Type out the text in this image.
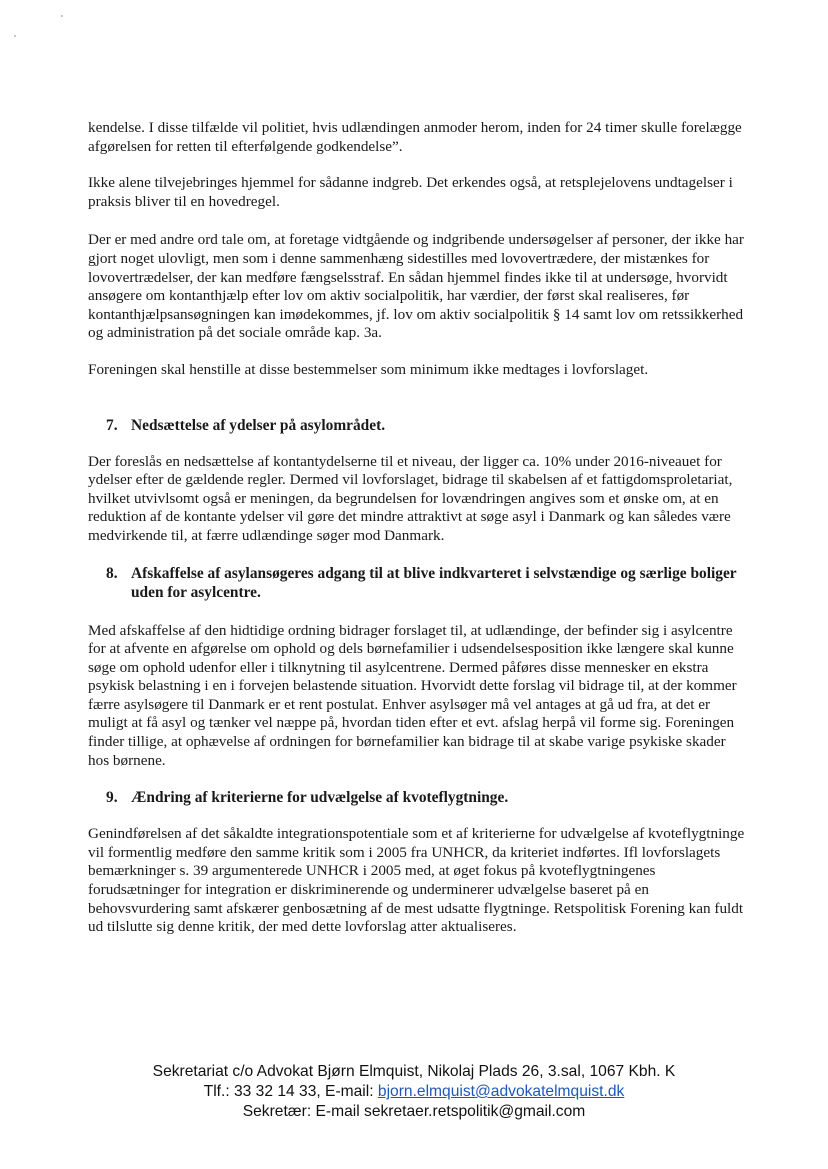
kendelse. I disse tilfælde vil politiet, hvis udlændingen anmoder herom, inden for 24 timer skulle forelægge afgørelsen for retten til efterfølgende godkendelse”.

Ikke alene tilvejebringes hjemmel for sådanne indgreb. Det erkendes også, at retsplejelovens undtagelser i praksis bliver til en hovedregel.

Der er med andre ord tale om, at foretage vidtgående og indgribende undersøgelser af personer, der ikke har gjort noget ulovligt, men som i denne sammenhæng sidestilles med lovovertrædere, der mistænkes for lovovertrædelser, der kan medføre fængselsstraf. En sådan hjemmel findes ikke til at undersøge, hvorvidt ansøgere om kontanthjælp efter lov om aktiv socialpolitik, har værdier, der først skal realiseres, før kontanthjælpsansøgningen kan imødekommes, jf. lov om aktiv socialpolitik § 14 samt lov om retssikkerhed og administration på det sociale område kap. 3a.

Foreningen skal henstille at disse bestemmelser som minimum ikke medtages i lovforslaget.

7. Nedsættelse af ydelser på asylområdet.

Der foreslås en nedsættelse af kontantydelserne til et niveau, der ligger ca. 10% under 2016-niveauet for ydelser efter de gældende regler. Dermed vil lovforslaget, bidrage til skabelsen af et fattigdomsproletariat, hvilket utvivlsomt også er meningen, da begrundelsen for lovændringen angives som et ønske om, at en reduktion af de kontante ydelser vil gøre det mindre attraktivt at søge asyl i Danmark og kan således være medvirkende til, at færre udlændinge søger mod Danmark.

8. Afskaffelse af asylansøgeres adgang til at blive indkvarteret i selvstændige og særlige boliger uden for asylcentre.

Med afskaffelse af den hidtidige ordning bidrager forslaget til, at udlændinge, der befinder sig i asylcentre for at afvente en afgørelse om ophold og dels børnefamilier i udsendelsesposition ikke længere skal kunne søge om ophold udenfor eller i tilknytning til asylcentrene. Dermed påføres disse mennesker en ekstra psykisk belastning i en i forvejen belastende situation. Hvorvidt dette forslag vil bidrage til, at der kommer færre asylsøgere til Danmark er et rent postulat. Enhver asylsøger må vel antages at gå ud fra, at det er muligt at få asyl og tænker vel næppe på, hvordan tiden efter et evt. afslag herpå vil forme sig. Foreningen finder tillige, at ophævelse af ordningen for børnefamilier kan bidrage til at skabe varige psykiske skader hos børnene.

9. Ændring af kriterierne for udvælgelse af kvoteflygtninge.

Genindførelsen af det såkaldte integrationspotentiale som et af kriterierne for udvælgelse af kvoteflygtninge vil formentlig medføre den samme kritik som i 2005 fra UNHCR, da kriteriet indførtes. Ifl lovforslagets bemærkninger s. 39 argumenterede UNHCR i 2005 med, at øget fokus på kvoteflygtningenes forudsætninger for integration er diskriminerende og underminerer udvælgelse baseret på en behovsvurdering samt afskærer genbosætning af de mest udsatte flygtninge. Retspolitisk Forening kan fuldt ud tilslutte sig denne kritik, der med dette lovforslag atter aktualiseres.

Sekretariat c/o Advokat Bjørn Elmquist, Nikolaj Plads 26, 3.sal, 1067 Kbh. K
Tlf.: 33 32 14 33, E-mail: bjorn.elmquist@advokatelmquist.dk
Sekretær: E-mail sekretaer.retspolitik@gmail.com
